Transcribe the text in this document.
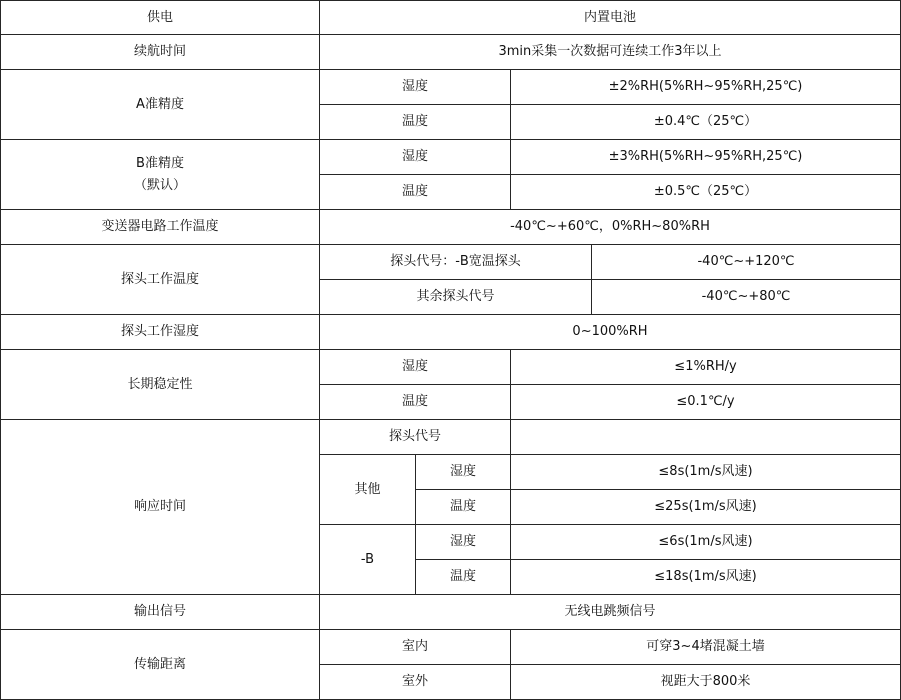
供电	内置电池
续航时间	3min采集一次数据可连续工作3年以上
A准精度
湿度	±2%RH(5%RH~95%RH,25℃)
温度	±0.4℃（25℃）
B准精度
（默认）
湿度	±3%RH(5%RH~95%RH,25℃)
温度	±0.5℃（25℃）
变送器电路工作温度	-40℃~+60℃，0%RH~80%RH
探头工作温度
探头代号：-B宽温探头	-40℃~+120℃
其余探头代号	-40℃~+80℃
探头工作湿度	0~100%RH
长期稳定性
湿度	≤1%RH/y
温度	≤0.1℃/y
响应时间
探头代号
其他
湿度	≤8s(1m/s风速)
温度	≤25s(1m/s风速)
-B
湿度	≤6s(1m/s风速)
温度	≤18s(1m/s风速)
输出信号	无线电跳频信号
传输距离
室内	可穿3~4堵混凝土墙
室外	视距大于800米
